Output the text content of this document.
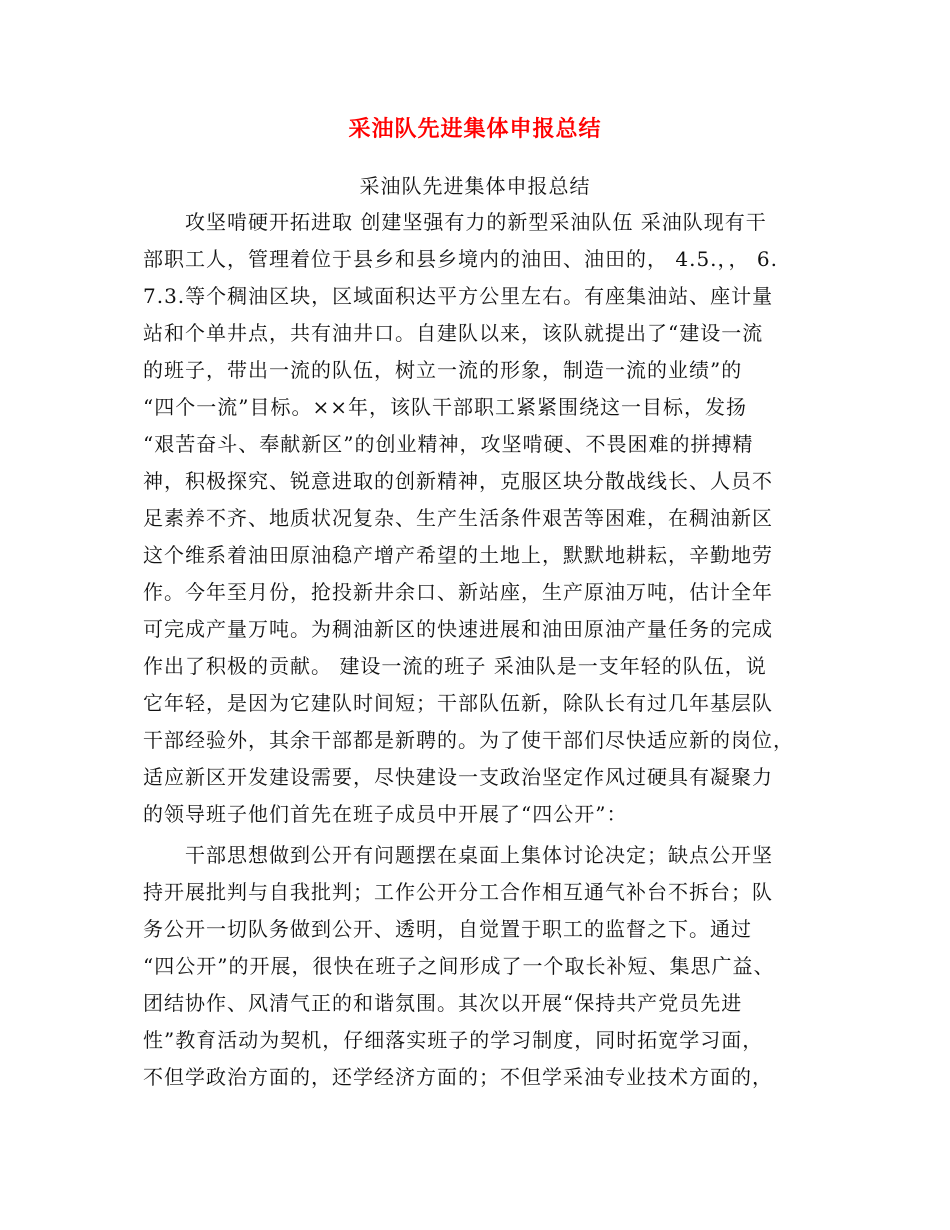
采油队先进集体申报总结
采油队先进集体申报总结
　　攻坚啃硬开拓进取 创建坚强有力的新型采油队伍 采油队现有干
部职工人，管理着位于县乡和县乡境内的油田、油田的， 4.5.，， 6.
7.3.等个稠油区块，区域面积达平方公里左右。有座集油站、座计量
站和个单井点，共有油井口。自建队以来，该队就提出了“建设一流
的班子，带出一流的队伍，树立一流的形象，制造一流的业绩”的
“四个一流”目标。××年，该队干部职工紧紧围绕这一目标，发扬
“艰苦奋斗、奉献新区”的创业精神，攻坚啃硬、不畏困难的拼搏精
神，积极探究、锐意进取的创新精神，克服区块分散战线长、人员不
足素养不齐、地质状况复杂、生产生活条件艰苦等困难，在稠油新区
这个维系着油田原油稳产增产希望的土地上，默默地耕耘，辛勤地劳
作。今年至月份，抢投新井余口、新站座，生产原油万吨，估计全年
可完成产量万吨。为稠油新区的快速进展和油田原油产量任务的完成
作出了积极的贡献。 建设一流的班子 采油队是一支年轻的队伍，说
它年轻，是因为它建队时间短；干部队伍新，除队长有过几年基层队
干部经验外，其余干部都是新聘的。为了使干部们尽快适应新的岗位，
适应新区开发建设需要，尽快建设一支政治坚定作风过硬具有凝聚力
的领导班子他们首先在班子成员中开展了“四公开”：
　　干部思想做到公开有问题摆在桌面上集体讨论决定；缺点公开坚
持开展批判与自我批判；工作公开分工合作相互通气补台不拆台；队
务公开一切队务做到公开、透明，自觉置于职工的监督之下。通过
“四公开”的开展，很快在班子之间形成了一个取长补短、集思广益、
团结协作、风清气正的和谐氛围。其次以开展“保持共产党员先进
性”教育活动为契机，仔细落实班子的学习制度，同时拓宽学习面，
不但学政治方面的，还学经济方面的；不但学采油专业技术方面的，
